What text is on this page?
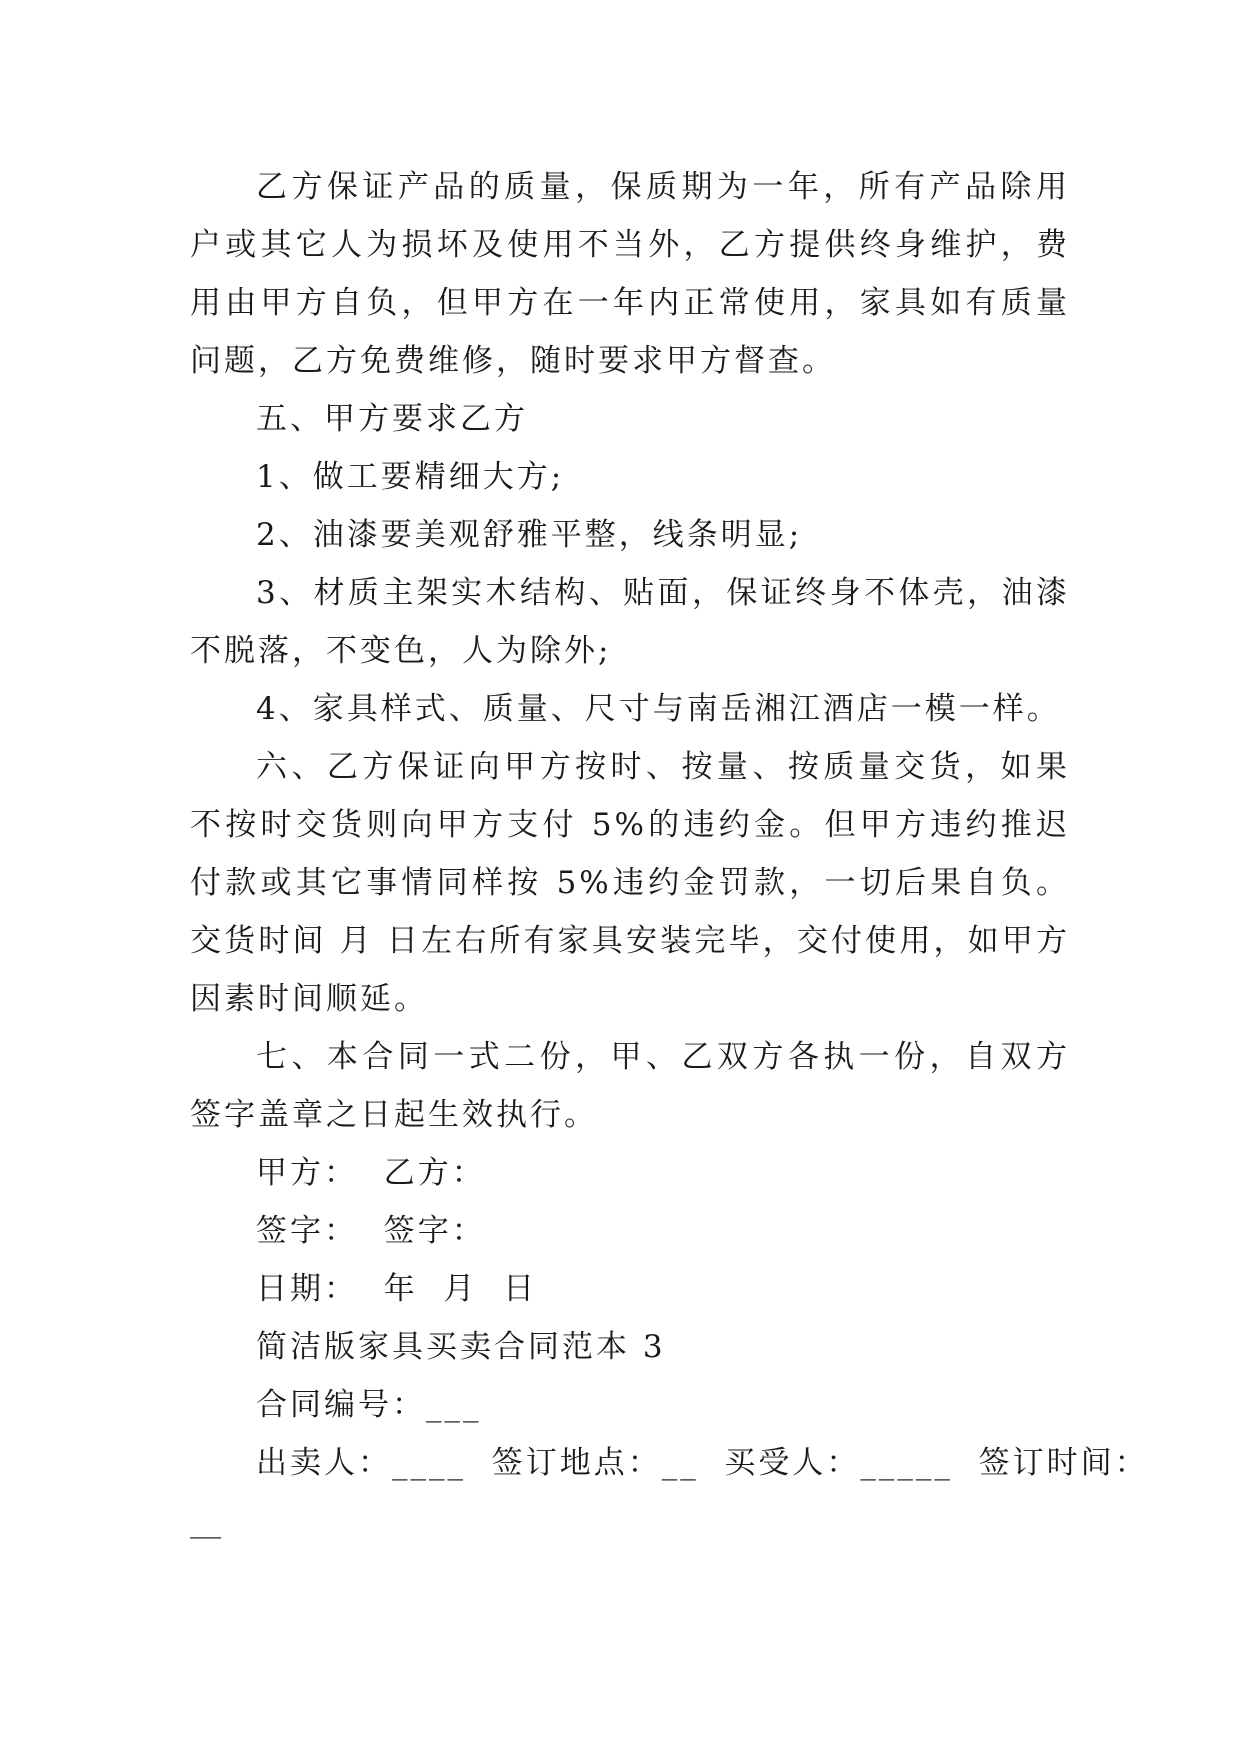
乙方保证产品的质量，保质期为一年，所有产品除用户或其它人为损坏及使用不当外，乙方提供终身维护，费用由甲方自负，但甲方在一年内正常使用，家具如有质量问题，乙方免费维修，随时要求甲方督查。

五、甲方要求乙方

1、做工要精细大方;

2、油漆要美观舒雅平整，线条明显;

3、材质主架实木结构、贴面，保证终身不体壳，油漆不脱落，不变色，人为除外;

4、家具样式、质量、尺寸与南岳湘江酒店一模一样。

六、乙方保证向甲方按时、按量、按质量交货，如果不按时交货则向甲方支付 5%的违约金。但甲方违约推迟付款或其它事情同样按 5%违约金罚款，一切后果自负。交货时间 月 日左右所有家具安装完毕，交付使用，如甲方因素时间顺延。

七、本合同一式二份，甲、乙双方各执一份，自双方签字盖章之日起生效执行。

甲方：  乙方：

签字：  签字：

日期：  年  月  日

简洁版家具买卖合同范本 3

合同编号：___

出卖人：____  签订地点：__  买受人：_____  签订时间：

__
